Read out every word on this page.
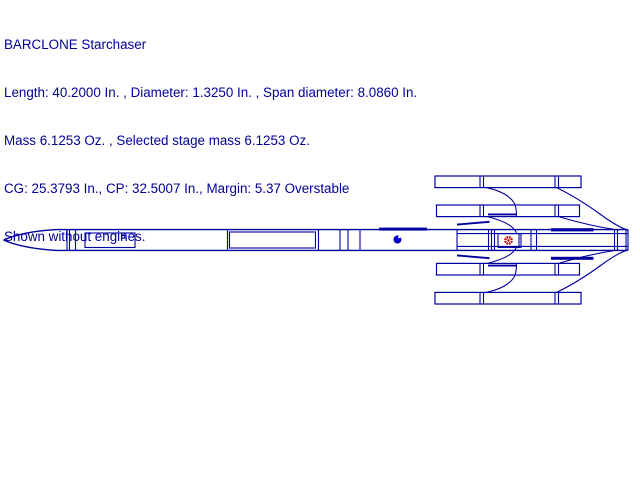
BARCLONE Starchaser

Length: 40.2000 In. , Diameter: 1.3250 In. , Span diameter: 8.0860 In.

Mass 6.1253 Oz. , Selected stage mass 6.1253 Oz.

CG: 25.3793 In., CP: 32.5007 In., Margin: 5.37 Overstable

Shown without engines.
